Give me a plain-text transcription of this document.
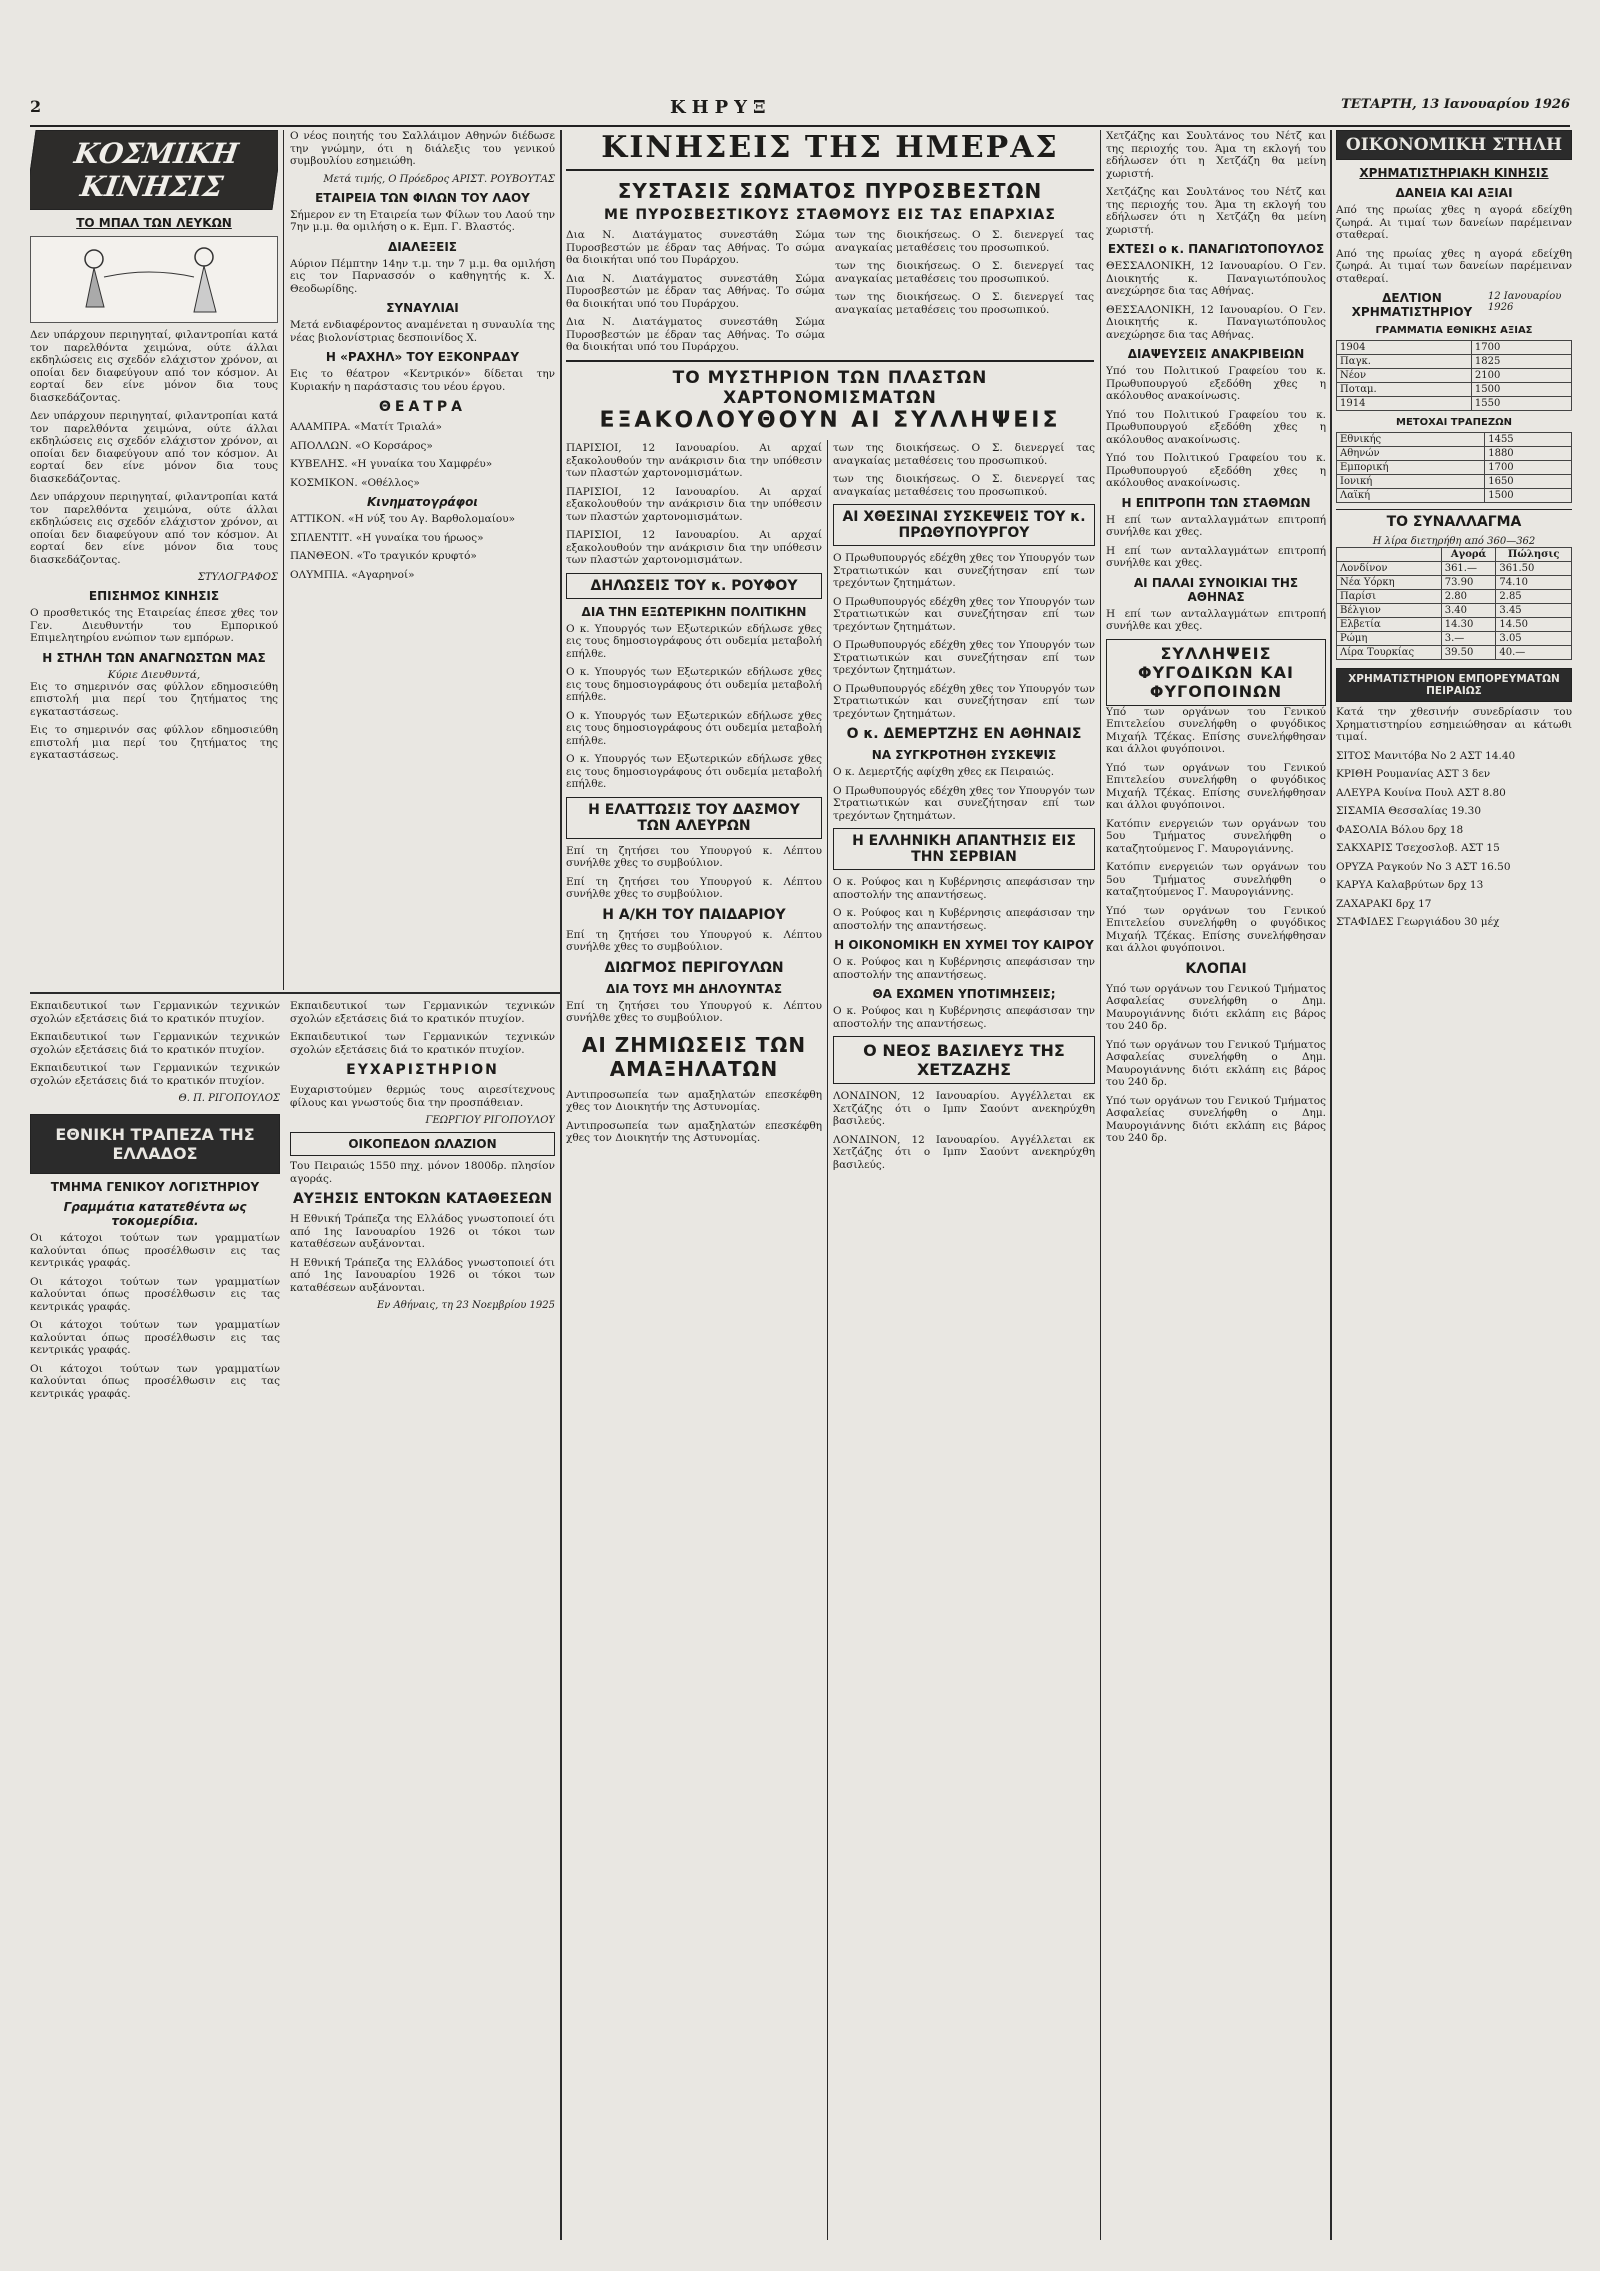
2	ΚΗΡΥΞ	ΤΕΤΑΡΤΗ, 13 Ιανουαρίου 1926
ΚΟΣΜΙΚΗ ΚΙΝΗΣΙΣ
ΤΟ ΜΠΑΛ ΤΩΝ ΛΕΥΚΩΝ

Δεν υπάρχουν περιηγηταί, φιλαντροπίαι κατά τον παρελθόντα χειμώνα, ούτε άλλαι εκδηλώσεις εις σχεδόν ελάχιστον χρόνον, αι οποίαι δεν διαφεύγουν από τον κόσμον. Αι εορταί δεν είνε μόνον δια τους διασκεδάζοντας.

Δεν υπάρχουν περιηγηταί, φιλαντροπίαι κατά τον παρελθόντα χειμώνα, ούτε άλλαι εκδηλώσεις εις σχεδόν ελάχιστον χρόνον, αι οποίαι δεν διαφεύγουν από τον κόσμον. Αι εορταί δεν είνε μόνον δια τους διασκεδάζοντας.

Δεν υπάρχουν περιηγηταί, φιλαντροπίαι κατά τον παρελθόντα χειμώνα, ούτε άλλαι εκδηλώσεις εις σχεδόν ελάχιστον χρόνον, αι οποίαι δεν διαφεύγουν από τον κόσμον. Αι εορταί δεν είνε μόνον δια τους διασκεδάζοντας.

ΣΤΥΛΟΓΡΑΦΟΣ
ΕΠΙΣΗΜΟΣ ΚΙΝΗΣΙΣ

Ο προσθετικός της Εταιρείας έπεσε χθες τον Γεν. Διευθυντήν του Εμπορικού Επιμελητηρίου ενώπιον των εμπόρων.

Η ΣΤΗΛΗ ΤΩΝ ΑΝΑΓΝΩΣΤΩΝ ΜΑΣ
Κύριε Διευθυντά,

Εις το σημερινόν σας φύλλον εδημοσιεύθη επιστολή μια περί του ζητήματος της εγκαταστάσεως.

Εις το σημερινόν σας φύλλον εδημοσιεύθη επιστολή μια περί του ζητήματος της εγκαταστάσεως.

Ο νέος ποιητής του Σαλλάιμον Αθηνών διέδωσε την γνώμην, ότι η διάλεξις του γενικού συμβουλίου εσημειώθη.

Μετά τιμής, Ο Πρόεδρος ΑΡΙΣΤ. ΡΟΥΒΟΥΤΑΣ
ΕΤΑΙΡΕΙΑ ΤΩΝ ΦΙΛΩΝ ΤΟΥ ΛΑΟΥ

Σήμερον εν τη Εταιρεία των Φίλων του Λαού την 7ην μ.μ. θα ομιλήση ο κ. Εμπ. Γ. Βλαστός.

ΔΙΑΛΕΞΕΙΣ

Αύριον Πέμπτην 14ην τ.μ. την 7 μ.μ. θα ομιλήση εις τον Παρνασσόν ο καθηγητής κ. Χ. Θεοδωρίδης.

ΣΥΝΑΥΛΙΑΙ

Μετά ενδιαφέροντος αναμένεται η συναυλία της νέας βιολονίστριας δεσποινίδος Χ.

Η «ΡΑΧΗΛ» ΤΟΥ ΕΞΚΟΝΡΑΔΥ

Εις το θέατρον «Κεντρικόν» δίδεται την Κυριακήν η παράστασις του νέου έργου.

ΘΕΑΤΡΑ

ΑΛΑΜΠΡΑ. «Ματίτ Τριαλά»

ΑΠΟΛΛΩΝ. «Ο Κορσάρος»

ΚΥΒΕΛΗΣ. «Η γυναίκα του Χαμφρέυ»

ΚΟΣΜΙΚΟΝ. «Οθέλλος»

Κινηματογράφοι

ΑΤΤΙΚΟΝ. «Η νύξ του Αγ. Βαρθολομαίου»

ΣΠΛΕΝΤΙΤ. «Η γυναίκα του ήρωος»

ΠΑΝΘΕΟΝ. «Το τραγικόν κρυφτό»

ΟΛΥΜΠΙΑ. «Αγαρηνοί»

Εκπαιδευτικοί των Γερμανικών τεχνικών σχολών εξετάσεις διά το κρατικόν πτυχίον.

Εκπαιδευτικοί των Γερμανικών τεχνικών σχολών εξετάσεις διά το κρατικόν πτυχίον.

Εκπαιδευτικοί των Γερμανικών τεχνικών σχολών εξετάσεις διά το κρατικόν πτυχίον.

Θ. Π. ΡΙΓΟΠΟΥΛΟΣ
ΕΘΝΙΚΗ ΤΡΑΠΕΖΑ ΤΗΣ ΕΛΛΑΔΟΣ
ΤΜΗΜΑ ΓΕΝΙΚΟΥ ΛΟΓΙΣΤΗΡΙΟΥ
Γραμμάτια κατατεθέντα ως τοκομερίδια.

Οι κάτοχοι τούτων των γραμματίων καλούνται όπως προσέλθωσιν εις τας κεντρικάς γραφάς.

Οι κάτοχοι τούτων των γραμματίων καλούνται όπως προσέλθωσιν εις τας κεντρικάς γραφάς.

Οι κάτοχοι τούτων των γραμματίων καλούνται όπως προσέλθωσιν εις τας κεντρικάς γραφάς.

Οι κάτοχοι τούτων των γραμματίων καλούνται όπως προσέλθωσιν εις τας κεντρικάς γραφάς.

Εκπαιδευτικοί των Γερμανικών τεχνικών σχολών εξετάσεις διά το κρατικόν πτυχίον.

Εκπαιδευτικοί των Γερμανικών τεχνικών σχολών εξετάσεις διά το κρατικόν πτυχίον.

ΕΥΧΑΡΙΣΤΗΡΙΟΝ

Ευχαριστούμεν θερμώς τους αιρεσίτεχνους φίλους και γνωστούς δια την προσπάθειαν.

ΓΕΩΡΓΙΟΥ ΡΙΓΟΠΟΥΛΟΥ
ΟΙΚΟΠΕΔΟΝ ΩΛΑΖΙΟΝ

Του Πειραιώς 1550 πηχ. μόνον 1800δρ. πλησίον αγοράς.

ΑΥΞΗΣΙΣ ΕΝΤΟΚΩΝ ΚΑΤΑΘΕΣΕΩΝ

Η Εθνική Τράπεζα της Ελλάδος γνωστοποιεί ότι από 1ης Ιανουαρίου 1926 οι τόκοι των καταθέσεων αυξάνονται.

Η Εθνική Τράπεζα της Ελλάδος γνωστοποιεί ότι από 1ης Ιανουαρίου 1926 οι τόκοι των καταθέσεων αυξάνονται.

Εν Αθήναις, τη 23 Νοεμβρίου 1925
ΚΙΝΗΣΕΙΣ ΤΗΣ ΗΜΕΡΑΣ
ΣΥΣΤΑΣΙΣ ΣΩΜΑΤΟΣ ΠΥΡΟΣΒΕΣΤΩΝ
ΜΕ ΠΥΡΟΣΒΕΣΤΙΚΟΥΣ ΣΤΑΘΜΟΥΣ ΕΙΣ ΤΑΣ ΕΠΑΡΧΙΑΣ

Δια Ν. Διατάγματος συνεστάθη Σώμα Πυροσβεστών με έδραν τας Αθήνας. Το σώμα θα διοικήται υπό του Πυράρχου.

Δια Ν. Διατάγματος συνεστάθη Σώμα Πυροσβεστών με έδραν τας Αθήνας. Το σώμα θα διοικήται υπό του Πυράρχου.

Δια Ν. Διατάγματος συνεστάθη Σώμα Πυροσβεστών με έδραν τας Αθήνας. Το σώμα θα διοικήται υπό του Πυράρχου.

των της διοικήσεως. Ο Σ. διενεργεί τας αναγκαίας μεταθέσεις του προσωπικού.

των της διοικήσεως. Ο Σ. διενεργεί τας αναγκαίας μεταθέσεις του προσωπικού.

των της διοικήσεως. Ο Σ. διενεργεί τας αναγκαίας μεταθέσεις του προσωπικού.

ΤΟ ΜΥΣΤΗΡΙΟΝ ΤΩΝ ΠΛΑΣΤΩΝ ΧΑΡΤΟΝΟΜΙΣΜΑΤΩΝ
ΕΞΑΚΟΛΟΥΘΟΥΝ ΑΙ ΣΥΛΛΗΨΕΙΣ

ΠΑΡΙΣΙΟΙ, 12 Ιανουαρίου. Αι αρχαί εξακολουθούν την ανάκρισιν δια την υπόθεσιν των πλαστών χαρτονομισμάτων.

ΠΑΡΙΣΙΟΙ, 12 Ιανουαρίου. Αι αρχαί εξακολουθούν την ανάκρισιν δια την υπόθεσιν των πλαστών χαρτονομισμάτων.

ΠΑΡΙΣΙΟΙ, 12 Ιανουαρίου. Αι αρχαί εξακολουθούν την ανάκρισιν δια την υπόθεσιν των πλαστών χαρτονομισμάτων.

ΔΗΛΩΣΕΙΣ ΤΟΥ κ. ΡΟΥΦΟΥ
ΔΙΑ ΤΗΝ ΕΞΩΤΕΡΙΚΗΝ ΠΟΛΙΤΙΚΗΝ

Ο κ. Υπουργός των Εξωτερικών εδήλωσε χθες εις τους δημοσιογράφους ότι ουδεμία μεταβολή επήλθε.

Ο κ. Υπουργός των Εξωτερικών εδήλωσε χθες εις τους δημοσιογράφους ότι ουδεμία μεταβολή επήλθε.

Ο κ. Υπουργός των Εξωτερικών εδήλωσε χθες εις τους δημοσιογράφους ότι ουδεμία μεταβολή επήλθε.

Ο κ. Υπουργός των Εξωτερικών εδήλωσε χθες εις τους δημοσιογράφους ότι ουδεμία μεταβολή επήλθε.

Η ΕΛΑΤΤΩΣΙΣ ΤΟΥ ΔΑΣΜΟΥ ΤΩΝ ΑΛΕΥΡΩΝ

Επί τη ζητήσει του Υπουργού κ. Λέπτου συνήλθε χθες το συμβούλιον.

Επί τη ζητήσει του Υπουργού κ. Λέπτου συνήλθε χθες το συμβούλιον.

Η Α/ΚΗ ΤΟΥ ΠΑΙΔΑΡΙΟΥ

Επί τη ζητήσει του Υπουργού κ. Λέπτου συνήλθε χθες το συμβούλιον.

ΔΙΩΓΜΟΣ ΠΕΡΙΓΟΥΛΩΝ
ΔΙΑ ΤΟΥΣ ΜΗ ΔΗΛΟΥΝΤΑΣ

Επί τη ζητήσει του Υπουργού κ. Λέπτου συνήλθε χθες το συμβούλιον.

ΑΙ ΖΗΜΙΩΣΕΙΣ ΤΩΝ ΑΜΑΞΗΛΑΤΩΝ

Αντιπροσωπεία των αμαξηλατών επεσκέφθη χθες τον Διοικητήν της Αστυνομίας.

Αντιπροσωπεία των αμαξηλατών επεσκέφθη χθες τον Διοικητήν της Αστυνομίας.

των της διοικήσεως. Ο Σ. διενεργεί τας αναγκαίας μεταθέσεις του προσωπικού.

των της διοικήσεως. Ο Σ. διενεργεί τας αναγκαίας μεταθέσεις του προσωπικού.

ΑΙ ΧΘΕΣΙΝΑΙ ΣΥΣΚΕΨΕΙΣ ΤΟΥ κ. ΠΡΩΘΥΠΟΥΡΓΟΥ

Ο Πρωθυπουργός εδέχθη χθες τον Υπουργόν των Στρατιωτικών και συνεζήτησαν επί των τρεχόντων ζητημάτων.

Ο Πρωθυπουργός εδέχθη χθες τον Υπουργόν των Στρατιωτικών και συνεζήτησαν επί των τρεχόντων ζητημάτων.

Ο Πρωθυπουργός εδέχθη χθες τον Υπουργόν των Στρατιωτικών και συνεζήτησαν επί των τρεχόντων ζητημάτων.

Ο Πρωθυπουργός εδέχθη χθες τον Υπουργόν των Στρατιωτικών και συνεζήτησαν επί των τρεχόντων ζητημάτων.

Ο κ. ΔΕΜΕΡΤΖΗΣ ΕΝ ΑΘΗΝΑΙΣ
ΝΑ ΣΥΓΚΡΟΤΗΘΗ ΣΥΣΚΕΨΙΣ

Ο κ. Δεμερτζής αφίχθη χθες εκ Πειραιώς.

Ο Πρωθυπουργός εδέχθη χθες τον Υπουργόν των Στρατιωτικών και συνεζήτησαν επί των τρεχόντων ζητημάτων.

Η ΕΛΛΗΝΙΚΗ ΑΠΑΝΤΗΣΙΣ ΕΙΣ ΤΗΝ ΣΕΡΒΙΑΝ

Ο κ. Ρούφος και η Κυβέρνησις απεφάσισαν την αποστολήν της απαντήσεως.

Ο κ. Ρούφος και η Κυβέρνησις απεφάσισαν την αποστολήν της απαντήσεως.

Η ΟΙΚΟΝΟΜΙΚΗ ΕΝ ΧΥΜΕΙ ΤΟΥ ΚΑΙΡΟΥ

Ο κ. Ρούφος και η Κυβέρνησις απεφάσισαν την αποστολήν της απαντήσεως.

ΘΑ ΕΧΩΜΕΝ ΥΠΟΤΙΜΗΣΕΙΣ;

Ο κ. Ρούφος και η Κυβέρνησις απεφάσισαν την αποστολήν της απαντήσεως.

Ο ΝΕΟΣ ΒΑΣΙΛΕΥΣ ΤΗΣ ΧΕΤΖΑΖΗΣ

ΛΟΝΔΙΝΟΝ, 12 Ιανουαρίου. Αγγέλλεται εκ Χετζάζης ότι ο Ιμπν Σαούντ ανεκηρύχθη βασιλεύς.

ΛΟΝΔΙΝΟΝ, 12 Ιανουαρίου. Αγγέλλεται εκ Χετζάζης ότι ο Ιμπν Σαούντ ανεκηρύχθη βασιλεύς.

Χετζάζης και Σουλτάνος του Νέτζ και της περιοχής του. Άμα τη εκλογή του εδήλωσεν ότι η Χετζάζη θα μείνη χωριστή.

Χετζάζης και Σουλτάνος του Νέτζ και της περιοχής του. Άμα τη εκλογή του εδήλωσεν ότι η Χετζάζη θα μείνη χωριστή.

ΕΧΤΕΣΙ ο κ. ΠΑΝΑΓΙΩΤΟΠΟΥΛΟΣ

ΘΕΣΣΑΛΟΝΙΚΗ, 12 Ιανουαρίου. Ο Γεν. Διοικητής κ. Παναγιωτόπουλος ανεχώρησε δια τας Αθήνας.

ΘΕΣΣΑΛΟΝΙΚΗ, 12 Ιανουαρίου. Ο Γεν. Διοικητής κ. Παναγιωτόπουλος ανεχώρησε δια τας Αθήνας.

ΔΙΑΨΕΥΣΕΙΣ ΑΝΑΚΡΙΒΕΙΩΝ

Υπό του Πολιτικού Γραφείου του κ. Πρωθυπουργού εξεδόθη χθες η ακόλουθος ανακοίνωσις.

Υπό του Πολιτικού Γραφείου του κ. Πρωθυπουργού εξεδόθη χθες η ακόλουθος ανακοίνωσις.

Υπό του Πολιτικού Γραφείου του κ. Πρωθυπουργού εξεδόθη χθες η ακόλουθος ανακοίνωσις.

Η ΕΠΙΤΡΟΠΗ ΤΩΝ ΣΤΑΘΜΩΝ

Η επί των ανταλλαγμάτων επιτροπή συνήλθε και χθες.

Η επί των ανταλλαγμάτων επιτροπή συνήλθε και χθες.

ΑΙ ΠΑΛΑΙ ΣΥΝΟΙΚΙΑΙ ΤΗΣ ΑΘΗΝΑΣ

Η επί των ανταλλαγμάτων επιτροπή συνήλθε και χθες.

ΣΥΛΛΗΨΕΙΣ ΦΥΓΟΔΙΚΩΝ ΚΑΙ ΦΥΓΟΠΟΙΝΩΝ

Υπό των οργάνων του Γενικού Επιτελείου συνελήφθη ο φυγόδικος Μιχαήλ Τζέκας. Επίσης συνελήφθησαν και άλλοι φυγόποινοι.

Υπό των οργάνων του Γενικού Επιτελείου συνελήφθη ο φυγόδικος Μιχαήλ Τζέκας. Επίσης συνελήφθησαν και άλλοι φυγόποινοι.

Κατόπιν ενεργειών των οργάνων του 5ου Τμήματος συνελήφθη ο καταζητούμενος Γ. Μαυρογιάννης.

Κατόπιν ενεργειών των οργάνων του 5ου Τμήματος συνελήφθη ο καταζητούμενος Γ. Μαυρογιάννης.

Υπό των οργάνων του Γενικού Επιτελείου συνελήφθη ο φυγόδικος Μιχαήλ Τζέκας. Επίσης συνελήφθησαν και άλλοι φυγόποινοι.

ΚΛΟΠΑΙ

Υπό των οργάνων του Γενικού Τμήματος Ασφαλείας συνελήφθη ο Δημ. Μαυρογιάννης διότι εκλάπη εις βάρος του 240 δρ.

Υπό των οργάνων του Γενικού Τμήματος Ασφαλείας συνελήφθη ο Δημ. Μαυρογιάννης διότι εκλάπη εις βάρος του 240 δρ.

Υπό των οργάνων του Γενικού Τμήματος Ασφαλείας συνελήφθη ο Δημ. Μαυρογιάννης διότι εκλάπη εις βάρος του 240 δρ.

ΟΙΚΟΝΟΜΙΚΗ ΣΤΗΛΗ
ΧΡΗΜΑΤΙΣΤΗΡΙΑΚΗ ΚΙΝΗΣΙΣ
ΔΑΝΕΙΑ ΚΑΙ ΑΞΙΑΙ

Από της πρωίας χθες η αγορά εδείχθη ζωηρά. Αι τιμαί των δανείων παρέμειναν σταθεραί.

Από της πρωίας χθες η αγορά εδείχθη ζωηρά. Αι τιμαί των δανείων παρέμειναν σταθεραί.

ΔΕΛΤΙΟΝ ΧΡΗΜΑΤΙΣΤΗΡΙΟΥ
12 Ιανουαρίου 1926
ΓΡΑΜΜΑΤΙΑ ΕΘΝΙΚΗΣ ΑΞΙΑΣ
1904	1700
Παγκ.	1825
Νέον	2100
Ποταμ.	1500
1914	1550
ΜΕΤΟΧΑΙ ΤΡΑΠΕΖΩΝ
Εθνικής	1455
Αθηνών	1880
Εμπορική	1700
Ιονική	1650
Λαϊκή	1500
ΤΟ ΣΥΝΑΛΛΑΓΜΑ
Η λίρα διετηρήθη από 360—362
	Αγορά	Πώλησις
Λονδίνον	361.—	361.50
Νέα Υόρκη	73.90	74.10
Παρίσι	2.80	2.85
Βέλγιον	3.40	3.45
Ελβετία	14.30	14.50
Ρώμη	3.—	3.05
Λίρα Τουρκίας	39.50	40.—
ΧΡΗΜΑΤΙΣΤΗΡΙΟΝ ΕΜΠΟΡΕΥΜΑΤΩΝ ΠΕΙΡΑΙΩΣ

Κατά την χθεσινήν συνεδρίασιν του Χρηματιστηρίου εσημειώθησαν αι κάτωθι τιμαί.

ΣΙΤΟΣ Μανιτόβα Νο 2 ΑΣΤ 14.40

ΚΡΙΘΗ Ρουμανίας ΑΣΤ 3 δεν

ΑΛΕΥΡΑ Κουίνα Πουλ ΑΣΤ 8.80

ΣΙΣΑΜΙΑ Θεσσαλίας 19.30

ΦΑΣΟΛΙΑ Βόλου δρχ 18

ΣΑΚΧΑΡΙΣ Τσεχοσλοβ. ΑΣΤ 15

ΟΡΥΖΑ Ραγκούν Νο 3 ΑΣΤ 16.50

ΚΑΡΥΑ Καλαβρύτων δρχ 13

ΖΑΧΑΡΑΚΙ δρχ 17

ΣΤΑΦΙΔΕΣ Γεωργιάδου 30 μέχ
